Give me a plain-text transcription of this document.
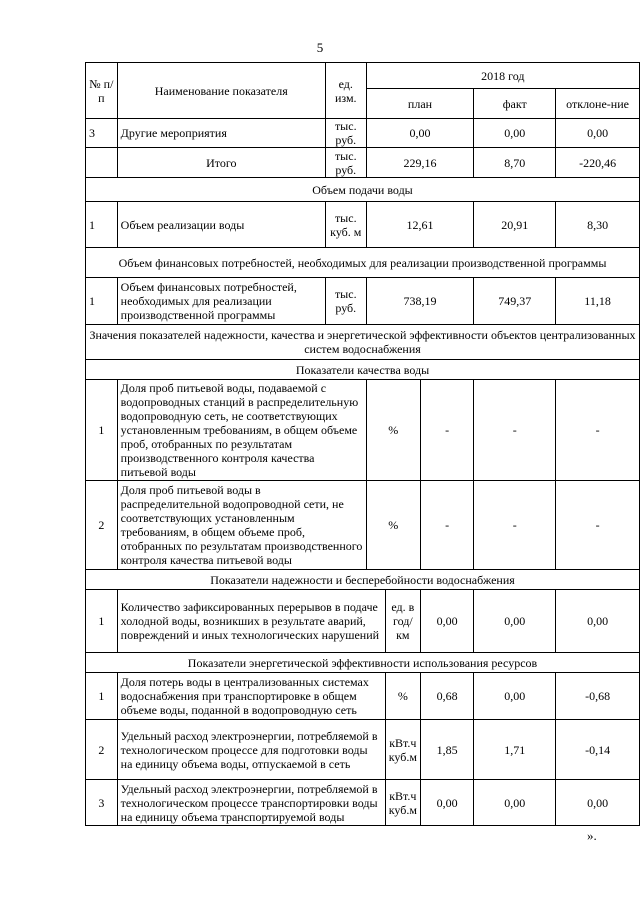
5
№ п/п	Наименование показателя	ед. изм.	2018 год				
			план			факт	отклоне-ние
3	Другие мероприятия	тыс. руб.	0,00			0,00	0,00
	Итого	тыс. руб.	229,16			8,70	-220,46
Объем подачи воды							
1	Объем реализации воды	тыс. куб. м	12,61			20,91	8,30
Объем финансовых потребностей, необходимых для реализации производственной программы							
1	Объем финансовых потребностей, необходимых для реализации производственной программы	тыс. руб.	738,19			749,37	11,18
Значения показателей надежности, качества и энергетической эффективности объектов централизованных систем водоснабжения							
Показатели качества воды							
1	Доля проб питьевой воды, подаваемой с водопроводных станций в распределительную водопроводную сеть, не соответствующих установленным требованиям, в общем объеме проб, отобранных по результатам производственного контроля качества питьевой воды		%		-	-	-
2	Доля проб питьевой воды в распределительной водопроводной сети, не соответствующих установленным требованиям, в общем объеме проб, отобранных по результатам производственного контроля качества питьевой воды		%		-	-	-
Показатели надежности и бесперебойности водоснабжения							
1	Количество зафиксированных перерывов в подаче холодной воды, возникших в результате аварий, повреждений и иных технологических нарушений			ед. в год/ км	0,00	0,00	0,00
Показатели энергетической эффективности использования ресурсов							
1	Доля потерь воды в централизованных системах водоснабжения при транспортировке в общем объеме воды, поданной в водопроводную сеть			%	0,68	0,00	-0,68
2	Удельный расход электроэнергии, потребляемой в технологическом процессе для подготовки воды на единицу объема воды, отпускаемой в сеть			кВт.ч куб.м	1,85	1,71	-0,14
3	Удельный расход электроэнергии, потребляемой в технологическом процессе транспортировки воды на единицу объема транспортируемой воды			кВт.ч куб.м	0,00	0,00	0,00
».
